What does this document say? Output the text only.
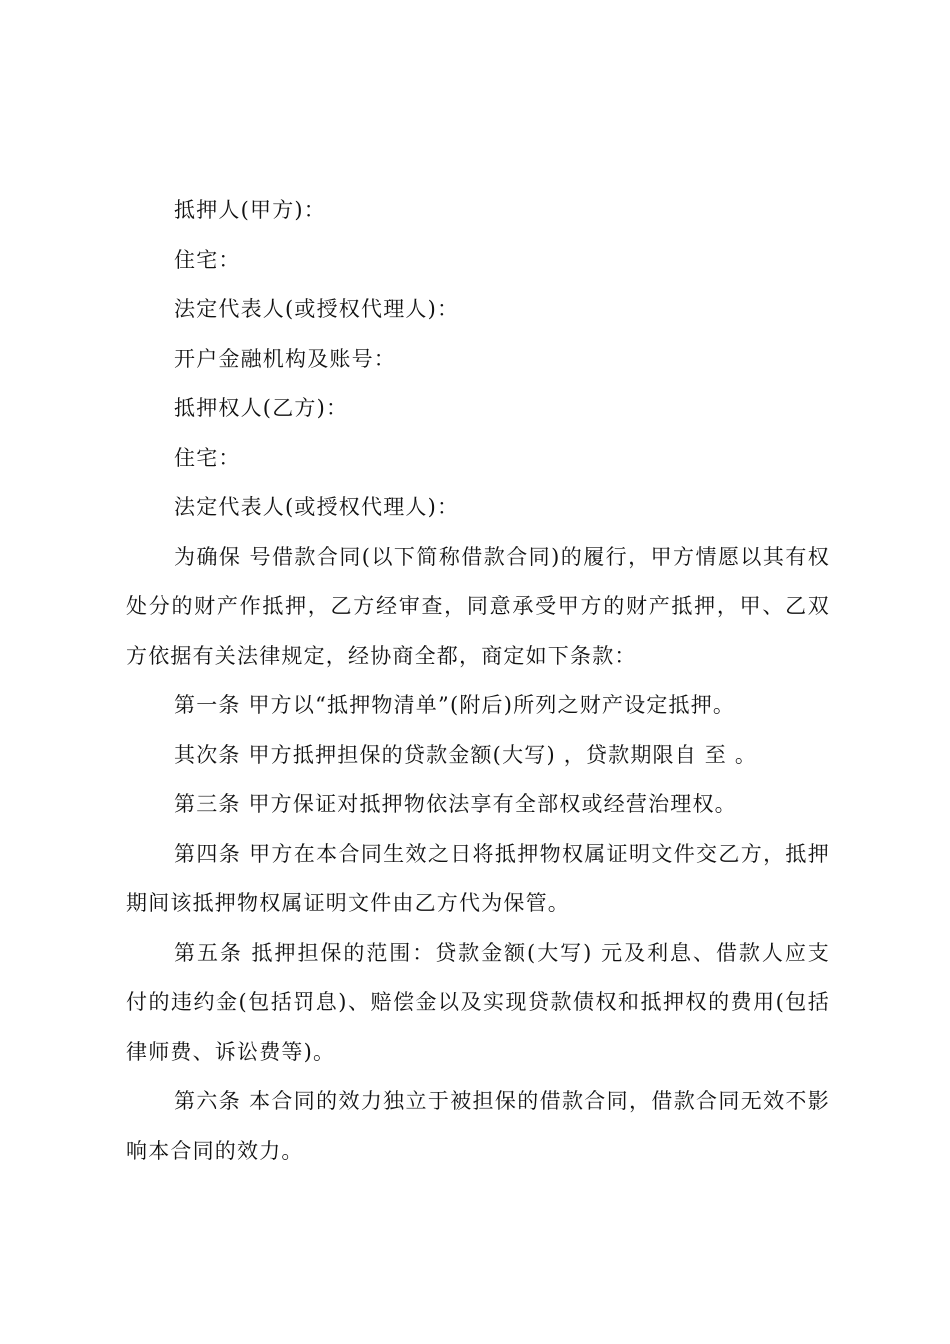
抵押人(甲方)：

住宅：

法定代表人(或授权代理人)：

开户金融机构及账号：

抵押权人(乙方)：

住宅：

法定代表人(或授权代理人)：

为确保 号借款合同(以下简称借款合同)的履行，甲方情愿以其有权处分的财产作抵押，乙方经审查，同意承受甲方的财产抵押，甲、乙双方依据有关法律规定，经协商全都，商定如下条款：

第一条 甲方以“抵押物清单”(附后)所列之财产设定抵押。

其次条 甲方抵押担保的贷款金额(大写) ，贷款期限自 至 。

第三条 甲方保证对抵押物依法享有全部权或经营治理权。

第四条 甲方在本合同生效之日将抵押物权属证明文件交乙方，抵押期间该抵押物权属证明文件由乙方代为保管。

第五条 抵押担保的范围：贷款金额(大写) 元及利息、借款人应支付的违约金(包括罚息)、赔偿金以及实现贷款债权和抵押权的费用(包括律师费、诉讼费等)。

第六条 本合同的效力独立于被担保的借款合同，借款合同无效不影响本合同的效力。
